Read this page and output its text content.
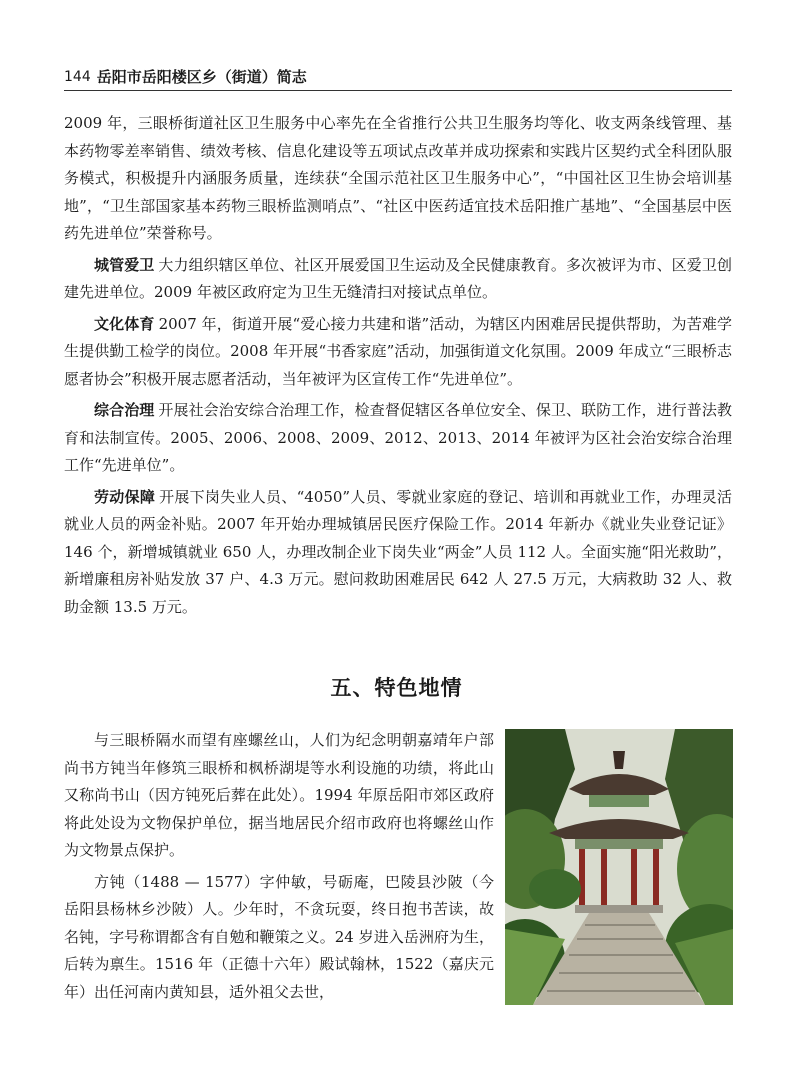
144 岳阳市岳阳楼区乡（街道）简志

2009 年，三眼桥街道社区卫生服务中心率先在全省推行公共卫生服务均等化、收支两条线管理、基本药物零差率销售、绩效考核、信息化建设等五项试点改革并成功探索和实践片区契约式全科团队服务模式，积极提升内涵服务质量，连续获“全国示范社区卫生服务中心”，“中国社区卫生协会培训基地”，“卫生部国家基本药物三眼桥监测哨点”、“社区中医药适宜技术岳阳推广基地”、“全国基层中医药先进单位”荣誉称号。

城管爱卫 大力组织辖区单位、社区开展爱国卫生运动及全民健康教育。多次被评为市、区爱卫创建先进单位。2009 年被区政府定为卫生无缝清扫对接试点单位。

文化体育 2007 年，街道开展“爱心接力共建和谐”活动，为辖区内困难居民提供帮助，为苦难学生提供勤工检学的岗位。2008 年开展“书香家庭”活动，加强街道文化氛围。2009 年成立“三眼桥志愿者协会”积极开展志愿者活动，当年被评为区宣传工作“先进单位”。

综合治理 开展社会治安综合治理工作，检查督促辖区各单位安全、保卫、联防工作，进行普法教育和法制宣传。2005、2006、2008、2009、2012、2013、2014 年被评为区社会治安综合治理工作“先进单位”。

劳动保障 开展下岗失业人员、“4050”人员、零就业家庭的登记、培训和再就业工作，办理灵活就业人员的两金补贴。2007 年开始办理城镇居民医疗保险工作。2014 年新办《就业失业登记证》146 个，新增城镇就业 650 人，办理改制企业下岗失业“两金”人员 112 人。全面实施“阳光救助”，新增廉租房补贴发放 37 户、4.3 万元。慰问救助困难居民 642 人 27.5 万元，大病救助 32 人、救助金额 13.5 万元。

五、特色地情

与三眼桥隔水而望有座螺丝山，人们为纪念明朝嘉靖年户部尚书方钝当年修筑三眼桥和枫桥湖堤等水利设施的功绩，将此山又称尚书山（因方钝死后葬在此处）。1994 年原岳阳市郊区政府将此处设为文物保护单位，据当地居民介绍市政府也将螺丝山作为文物景点保护。

方钝（1488 — 1577）字仲敏，号砺庵，巴陵县沙陂（今岳阳县杨林乡沙陂）人。少年时，不贪玩耍，终日抱书苦读，故名钝，字号称谓都含有自勉和鞭策之义。24 岁进入岳洲府为生，后转为禀生。1516 年（正德十六年）殿试翰林，1522（嘉庆元年）出任河南内黄知县，适外祖父去世，
